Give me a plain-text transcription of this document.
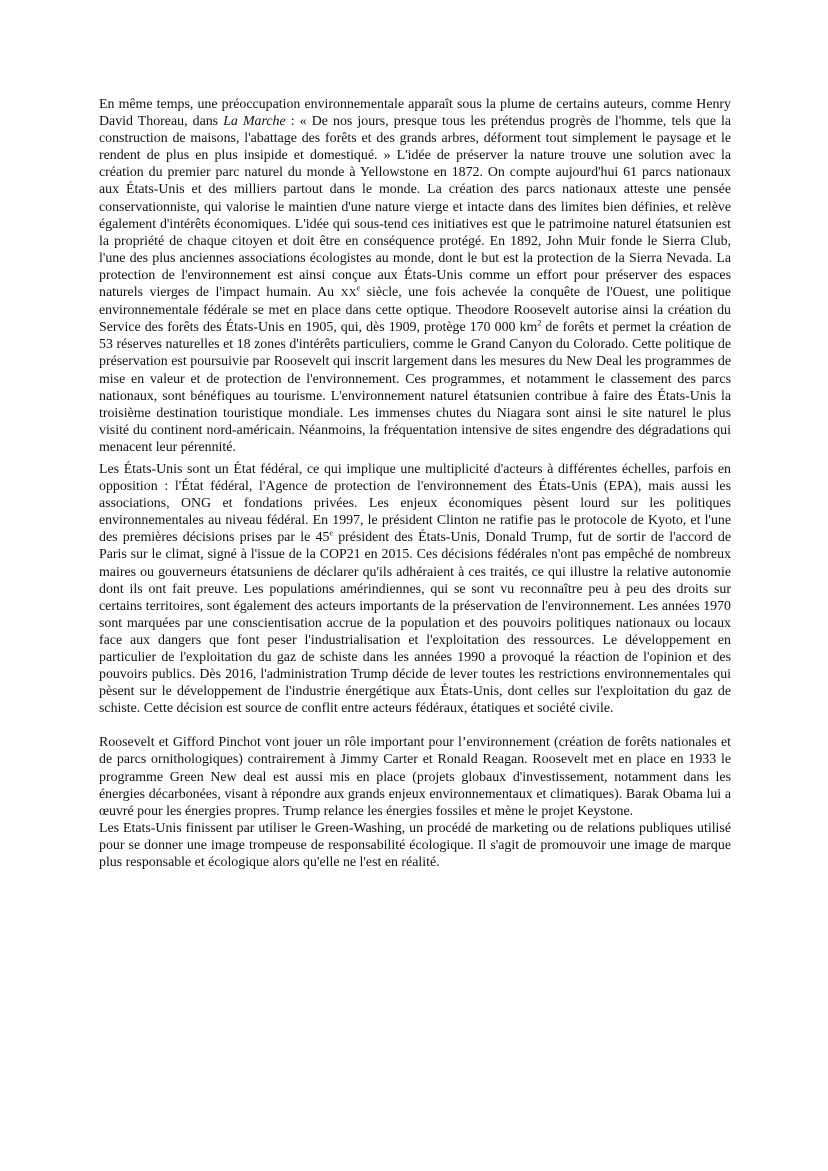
En même temps, une préoccupation environnementale apparaît sous la plume de certains auteurs, comme Henry David Thoreau, dans La Marche : « De nos jours, presque tous les prétendus progrès de l'homme, tels que la construction de maisons, l'abattage des forêts et des grands arbres, déforment tout simplement le paysage et le rendent de plus en plus insipide et domestiqué. » L'idée de préserver la nature trouve une solution avec la création du premier parc naturel du monde à Yellowstone en 1872. On compte aujourd'hui 61 parcs nationaux aux États-Unis et des milliers partout dans le monde. La création des parcs nationaux atteste une pensée conservationniste, qui valorise le maintien d'une nature vierge et intacte dans des limites bien définies, et relève également d'intérêts économiques. L'idée qui sous-tend ces initiatives est que le patrimoine naturel étatsunien est la propriété de chaque citoyen et doit être en conséquence protégé. En 1892, John Muir fonde le Sierra Club, l'une des plus anciennes associations écologistes au monde, dont le but est la protection de la Sierra Nevada. La protection de l'environnement est ainsi conçue aux États-Unis comme un effort pour préserver des espaces naturels vierges de l'impact humain. Au XXe siècle, une fois achevée la conquête de l'Ouest, une politique environnementale fédérale se met en place dans cette optique. Theodore Roosevelt autorise ainsi la création du Service des forêts des États-Unis en 1905, qui, dès 1909, protège 170 000 $km^2$ de forêts et permet la création de 53 réserves naturelles et 18 zones d'intérêts particuliers, comme le Grand Canyon du Colorado. Cette politique de préservation est poursuivie par Roosevelt qui inscrit largement dans les mesures du New Deal les programmes de mise en valeur et de protection de l'environnement. Ces programmes, et notamment le classement des parcs nationaux, sont bénéfiques au tourisme. L'environnement naturel étatsunien contribue à faire des États-Unis la troisième destination touristique mondiale. Les immenses chutes du Niagara sont ainsi le site naturel le plus visité du continent nord-américain. Néanmoins, la fréquentation intensive de sites engendre des dégradations qui menacent leur pérennité.

Les États-Unis sont un État fédéral, ce qui implique une multiplicité d'acteurs à différentes échelles, parfois en opposition : l'État fédéral, l'Agence de protection de l'environnement des États-Unis (EPA), mais aussi les associations, ONG et fondations privées. Les enjeux économiques pèsent lourd sur les politiques environnementales au niveau fédéral. En 1997, le président Clinton ne ratifie pas le protocole de Kyoto, et l'une des premières décisions prises par le 45e président des États-Unis, Donald Trump, fut de sortir de l'accord de Paris sur le climat, signé à l'issue de la COP21 en 2015. Ces décisions fédérales n'ont pas empêché de nombreux maires ou gouverneurs étatsuniens de déclarer qu'ils adhéraient à ces traités, ce qui illustre la relative autonomie dont ils ont fait preuve. Les populations amérindiennes, qui se sont vu reconnaître peu à peu des droits sur certains territoires, sont également des acteurs importants de la préservation de l'environnement. Les années 1970 sont marquées par une conscientisation accrue de la population et des pouvoirs politiques nationaux ou locaux face aux dangers que font peser l'industrialisation et l'exploitation des ressources. Le développement en particulier de l'exploitation du gaz de schiste dans les années 1990 a provoqué la réaction de l'opinion et des pouvoirs publics. Dès 2016, l'administration Trump décide de lever toutes les restrictions environnementales qui pèsent sur le développement de l'industrie énergétique aux États-Unis, dont celles sur l'exploitation du gaz de schiste. Cette décision est source de conflit entre acteurs fédéraux, étatiques et société civile.

Roosevelt et Gifford Pinchot vont jouer un rôle important pour l’environnement (création de forêts nationales et de parcs ornithologiques) contrairement à Jimmy Carter et Ronald Reagan. Roosevelt met en place en 1933 le programme Green New deal est aussi mis en place (projets globaux d'investissement, notamment dans les énergies décarbonées, visant à répondre aux grands enjeux environnementaux et climatiques). Barak Obama lui a œuvré pour les énergies propres. Trump relance les énergies fossiles et mène le projet Keystone.

Les Etats-Unis finissent par utiliser le Green-Washing, un procédé de marketing ou de relations publiques utilisé pour se donner une image trompeuse de responsabilité écologique. Il s'agit de promouvoir une image de marque plus responsable et écologique alors qu'elle ne l'est en réalité.
